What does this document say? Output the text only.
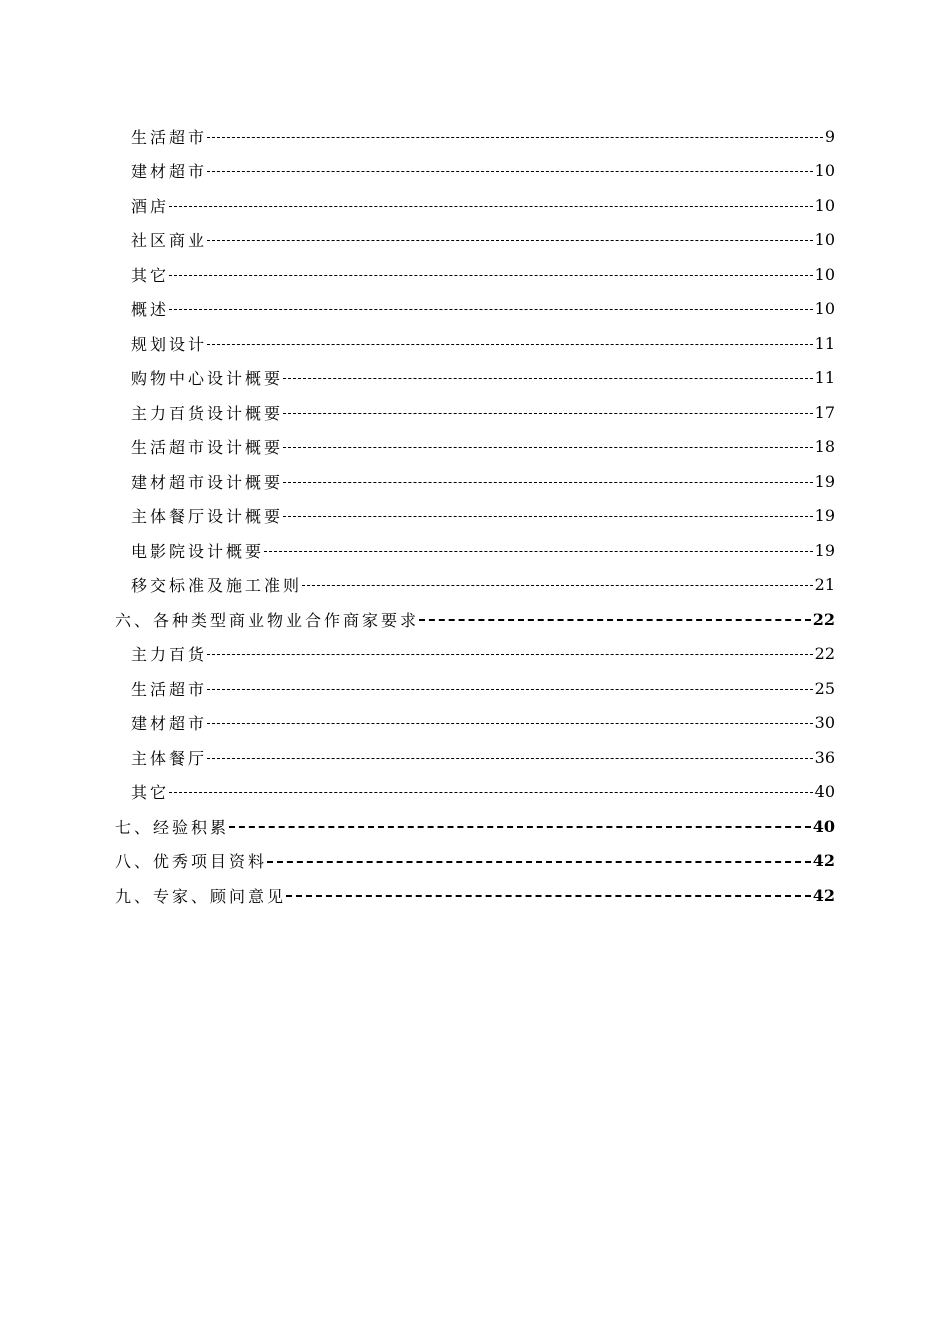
生活超市	9
建材超市	10
酒店	10
社区商业	10
其它	10
概述	10
规划设计	11
购物中心设计概要	11
主力百货设计概要	17
生活超市设计概要	18
建材超市设计概要	19
主体餐厅设计概要	19
电影院设计概要	19
移交标准及施工准则	21
六、各种类型商业物业合作商家要求	22
主力百货	22
生活超市	25
建材超市	30
主体餐厅	36
其它	40
七、经验积累	40
八、优秀项目资料	42
九、专家、顾问意见	42
